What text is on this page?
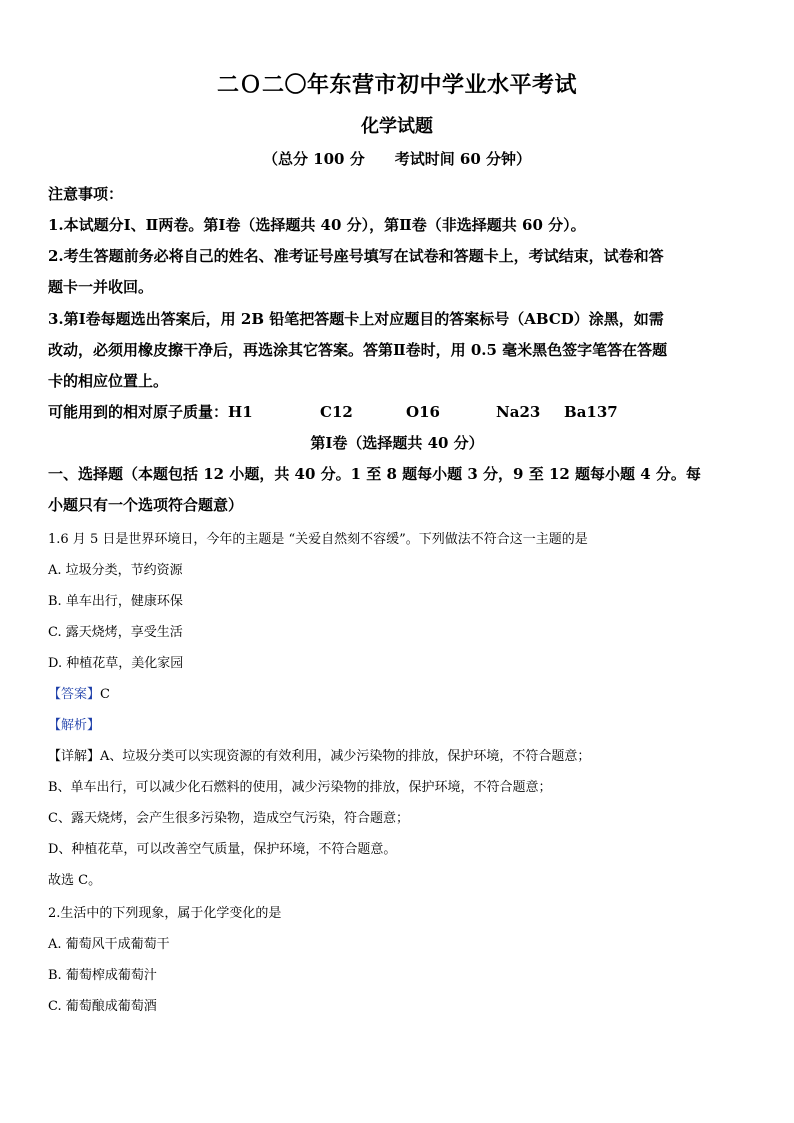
二Ｏ二〇年东营市初中学业水平考试
化学试题
（总分 100 分　　考试时间 60 分钟）
注意事项：
1.本试题分Ⅰ、Ⅱ两卷。第Ⅰ卷（选择题共 40 分），第Ⅱ卷（非选择题共 60 分）。
2.考生答题前务必将自己的姓名、准考证号座号填写在试卷和答题卡上，考试结束，试卷和答
题卡一并收回。
3.第Ⅰ卷每题选出答案后，用 2B 铅笔把答题卡上对应题目的答案标号（ABCD）涂黑，如需
改动，必须用橡皮擦干净后，再选涂其它答案。答第Ⅱ卷时，用 0.5 毫米黑色签字笔答在答题
卡的相应位置上。
可能用到的相对原子质量：H1	C12	O16	Na23 Ba137
第Ⅰ卷（选择题共 40 分）
一、选择题（本题包括 12 小题，共 40 分。1 至 8 题每小题 3 分，9 至 12 题每小题 4 分。每
小题只有一个选项符合题意）
1.6 月 5 日是世界环境日，今年的主题是 “关爱自然刻不容缓”。下列做法不符合这一主题的是
A. 垃圾分类，节约资源
B. 单车出行，健康环保
C. 露天烧烤，享受生活
D. 种植花草，美化家园
【答案】C
【解析】
【详解】A、垃圾分类可以实现资源的有效利用，减少污染物的排放，保护环境，不符合题意；
B、单车出行，可以减少化石燃料的使用，减少污染物的排放，保护环境，不符合题意；
C、露天烧烤，会产生很多污染物，造成空气污染，符合题意；
D、种植花草，可以改善空气质量，保护环境，不符合题意。
故选 C。
2.生活中的下列现象，属于化学变化的是
A. 葡萄风干成葡萄干
B. 葡萄榨成葡萄汁
C. 葡萄酿成葡萄酒
